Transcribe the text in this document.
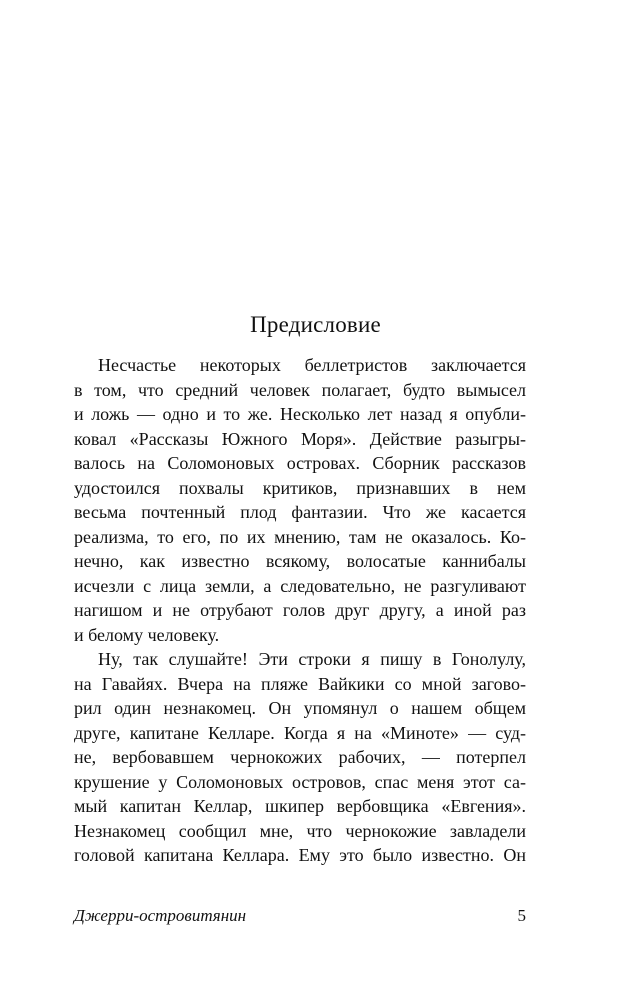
Предисловие
Несчастье некоторых беллетристов заключается
в том, что средний человек полагает, будто вымысел
и ложь — одно и то же. Несколько лет назад я опубли-
ковал «Рассказы Южного Моря». Действие разыгры-
валось на Соломоновых островах. Сборник рассказов
удостоился похвалы критиков, признавших в нем
весьма почтенный плод фантазии. Что же касается
реализма, то его, по их мнению, там не оказалось. Ко-
нечно, как известно всякому, волосатые каннибалы
исчезли с лица земли, а следовательно, не разгуливают
нагишом и не отрубают голов друг другу, а иной раз
и белому человеку.
Ну, так слушайте! Эти строки я пишу в Гонолулу,
на Гавайях. Вчера на пляже Вайкики со мной загово-
рил один незнакомец. Он упомянул о нашем общем
друге, капитане Келларе. Когда я на «Миноте» — суд-
не, вербовавшем чернокожих рабочих, — потерпел
крушение у Соломоновых островов, спас меня этот са-
мый капитан Келлар, шкипер вербовщика «Евгения».
Незнакомец сообщил мне, что чернокожие завладели
головой капитана Келлара. Ему это было известно. Он
Джерри-островитянин	5
